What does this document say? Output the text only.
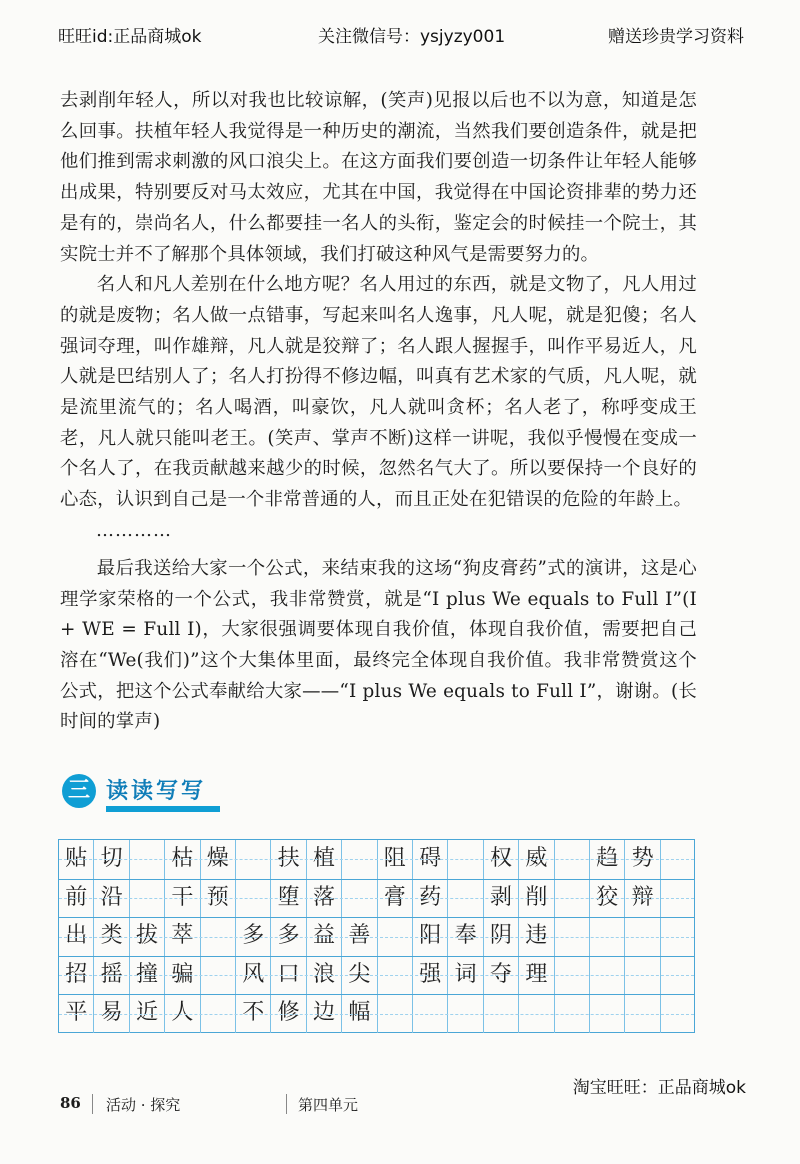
旺旺id:正品商城ok	关注微信号：ysjyzy001	赠送珍贵学习资料

去剥削年轻人，所以对我也比较谅解，(笑声)见报以后也不以为意，知道是怎么回事。扶植年轻人我觉得是一种历史的潮流，当然我们要创造条件，就是把他们推到需求刺激的风口浪尖上。在这方面我们要创造一切条件让年轻人能够出成果，特别要反对马太效应，尤其在中国，我觉得在中国论资排辈的势力还是有的，崇尚名人，什么都要挂一名人的头衔，鉴定会的时候挂一个院士，其实院士并不了解那个具体领域，我们打破这种风气是需要努力的。

名人和凡人差别在什么地方呢？名人用过的东西，就是文物了，凡人用过的就是废物；名人做一点错事，写起来叫名人逸事，凡人呢，就是犯傻；名人强词夺理，叫作雄辩，凡人就是狡辩了；名人跟人握握手，叫作平易近人，凡人就是巴结别人了；名人打扮得不修边幅，叫真有艺术家的气质，凡人呢，就是流里流气的；名人喝酒，叫豪饮，凡人就叫贪杯；名人老了，称呼变成王老，凡人就只能叫老王。(笑声、掌声不断)这样一讲呢，我似乎慢慢在变成一个名人了，在我贡献越来越少的时候，忽然名气大了。所以要保持一个良好的心态，认识到自己是一个非常普通的人，而且正处在犯错误的危险的年龄上。

…………

最后我送给大家一个公式，来结束我的这场“狗皮膏药”式的演讲，这是心理学家荣格的一个公式，我非常赞赏，就是“I plus We equals to Full I”(I + WE = Full I)，大家很强调要体现自我价值，体现自我价值，需要把自己溶在“We(我们)”这个大集体里面，最终完全体现自我价值。我非常赞赏这个公式，把这个公式奉献给大家——“I plus We equals to Full I”，谢谢。(长时间的掌声)

三 读读写写
贴 切	枯 燥	扶 植	阻 碍	权 威	趋 势
前 沿	干 预	堕 落	膏 药	剥 削	狡 辩
出 类 拔 萃	多 多 益 善	阳 奉 阴 违
招 摇 撞 骗	风 口 浪 尖	强 词 夺 理
平 易 近 人	不 修 边 幅
淘宝旺旺：正品商城ok
86 活动 · 探究	第四单元
